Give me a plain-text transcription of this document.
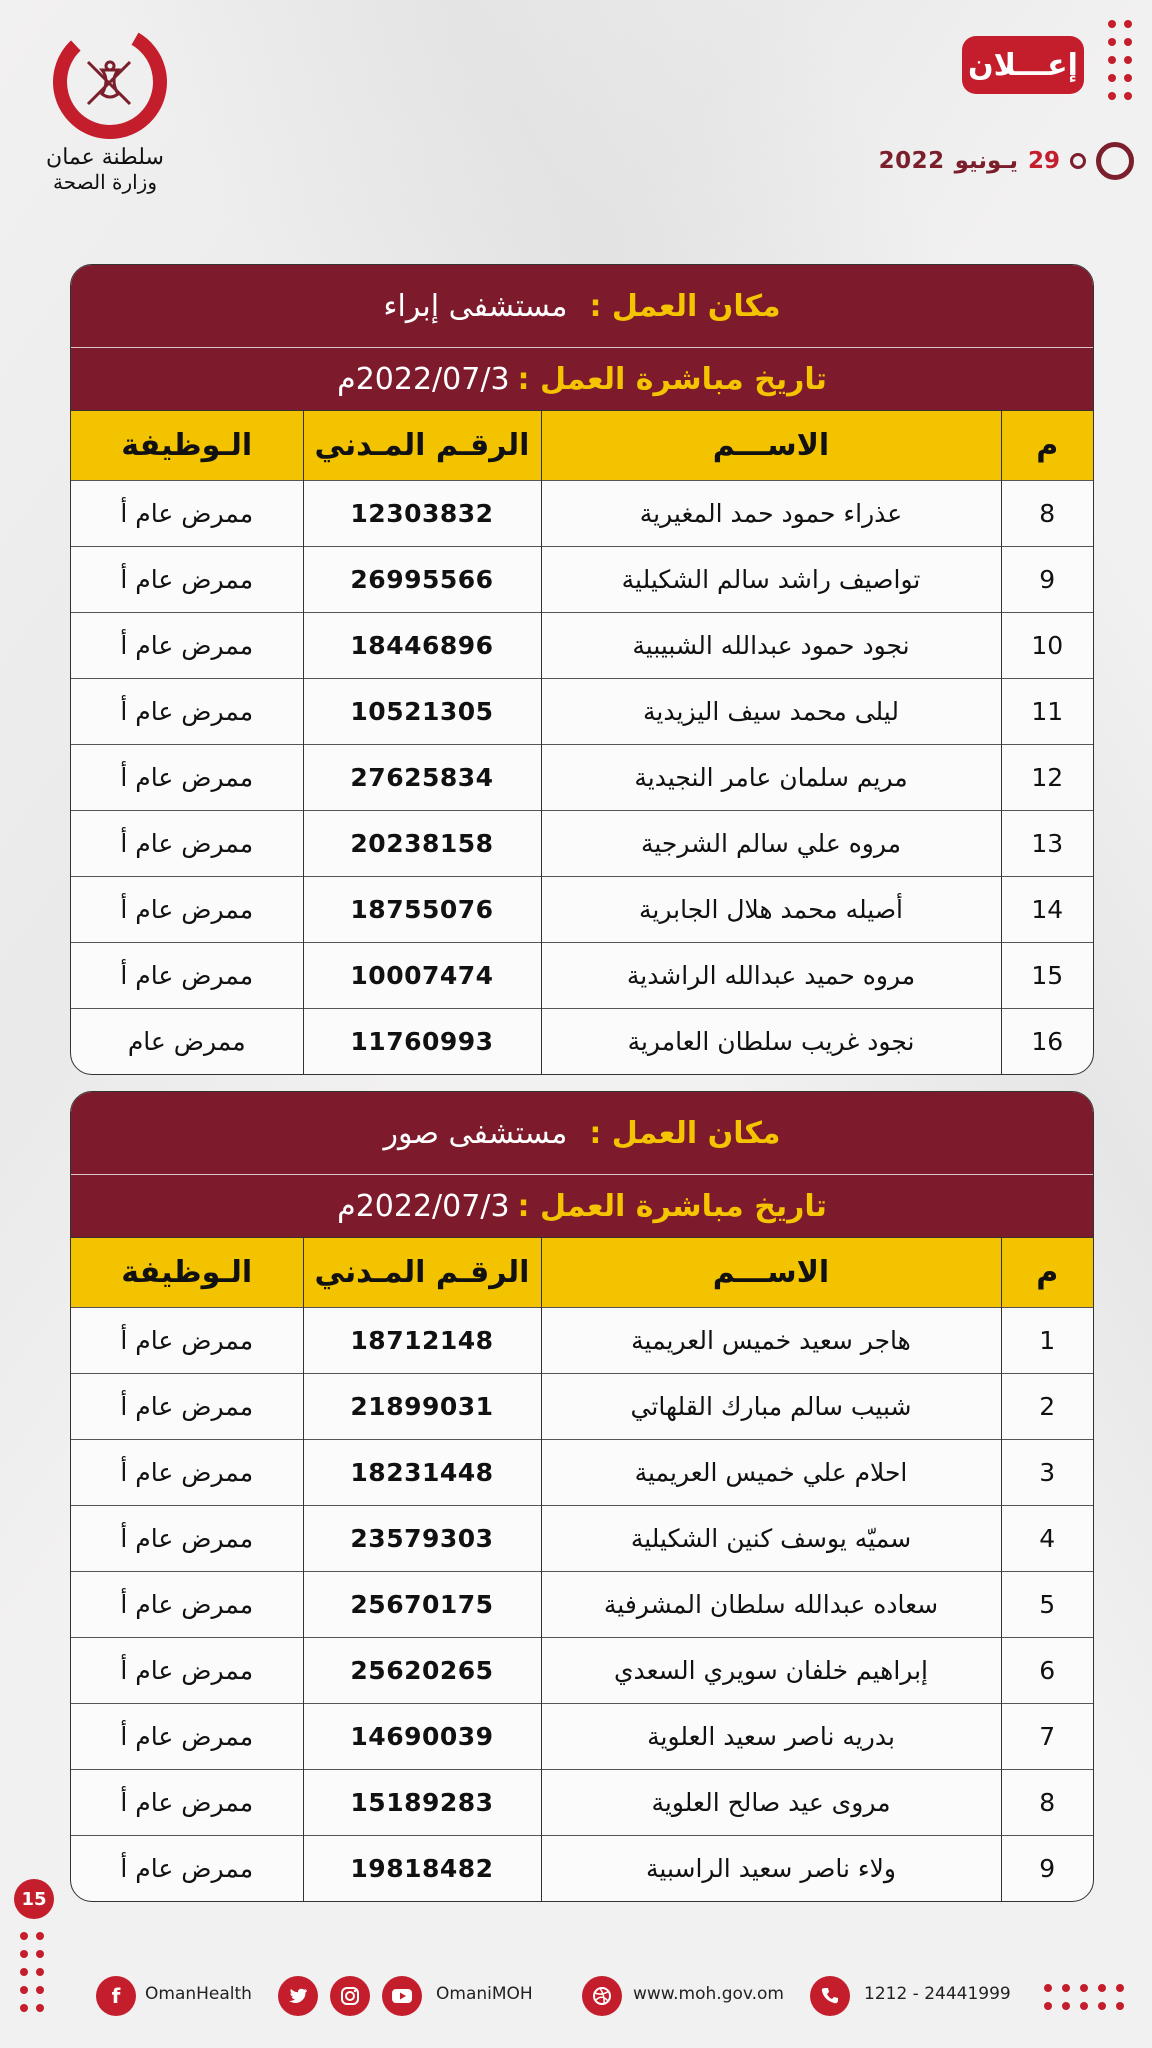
سلطنة عمان
وزارة الصحة
إعـــلان
2022 يـونيو 29
مكان العمل :
مستشفى إبراء
تاريخ مباشرة العمل :
2022/07/3م
م	الاســـم	الرقـم المـدني	الـوظيفة
8	عذراء حمود حمد المغيرية	12303832	ممرض عام أ
9	تواصيف راشد سالم الشكيلية	26995566	ممرض عام أ
10	نجود حمود عبدالله الشبيبية	18446896	ممرض عام أ
11	ليلى محمد سيف اليزيدية	10521305	ممرض عام أ
12	مريم سلمان عامر النجيدية	27625834	ممرض عام أ
13	مروه علي سالم الشرجية	20238158	ممرض عام أ
14	أصيله محمد هلال الجابرية	18755076	ممرض عام أ
15	مروه حميد عبدالله الراشدية	10007474	ممرض عام أ
16	نجود غريب سلطان العامرية	11760993	ممرض عام
مكان العمل :
مستشفى صور
تاريخ مباشرة العمل :
2022/07/3م
م	الاســـم	الرقـم المـدني	الـوظيفة
1	هاجر سعيد خميس العريمية	18712148	ممرض عام أ
2	شبيب سالم مبارك القلهاتي	21899031	ممرض عام أ
3	احلام علي خميس العريمية	18231448	ممرض عام أ
4	سميّه يوسف كنين الشكيلية	23579303	ممرض عام أ
5	سعاده عبدالله سلطان المشرفية	25670175	ممرض عام أ
6	إبراهيم خلفان سويري السعدي	25620265	ممرض عام أ
7	بدريه ناصر سعيد العلوية	14690039	ممرض عام أ
8	مروى عيد صالح العلوية	15189283	ممرض عام أ
9	ولاء ناصر سعيد الراسبية	19818482	ممرض عام أ
15
f	OmanHealth	OmaniMOH	www.moh.gov.om	1212 - 24441999
